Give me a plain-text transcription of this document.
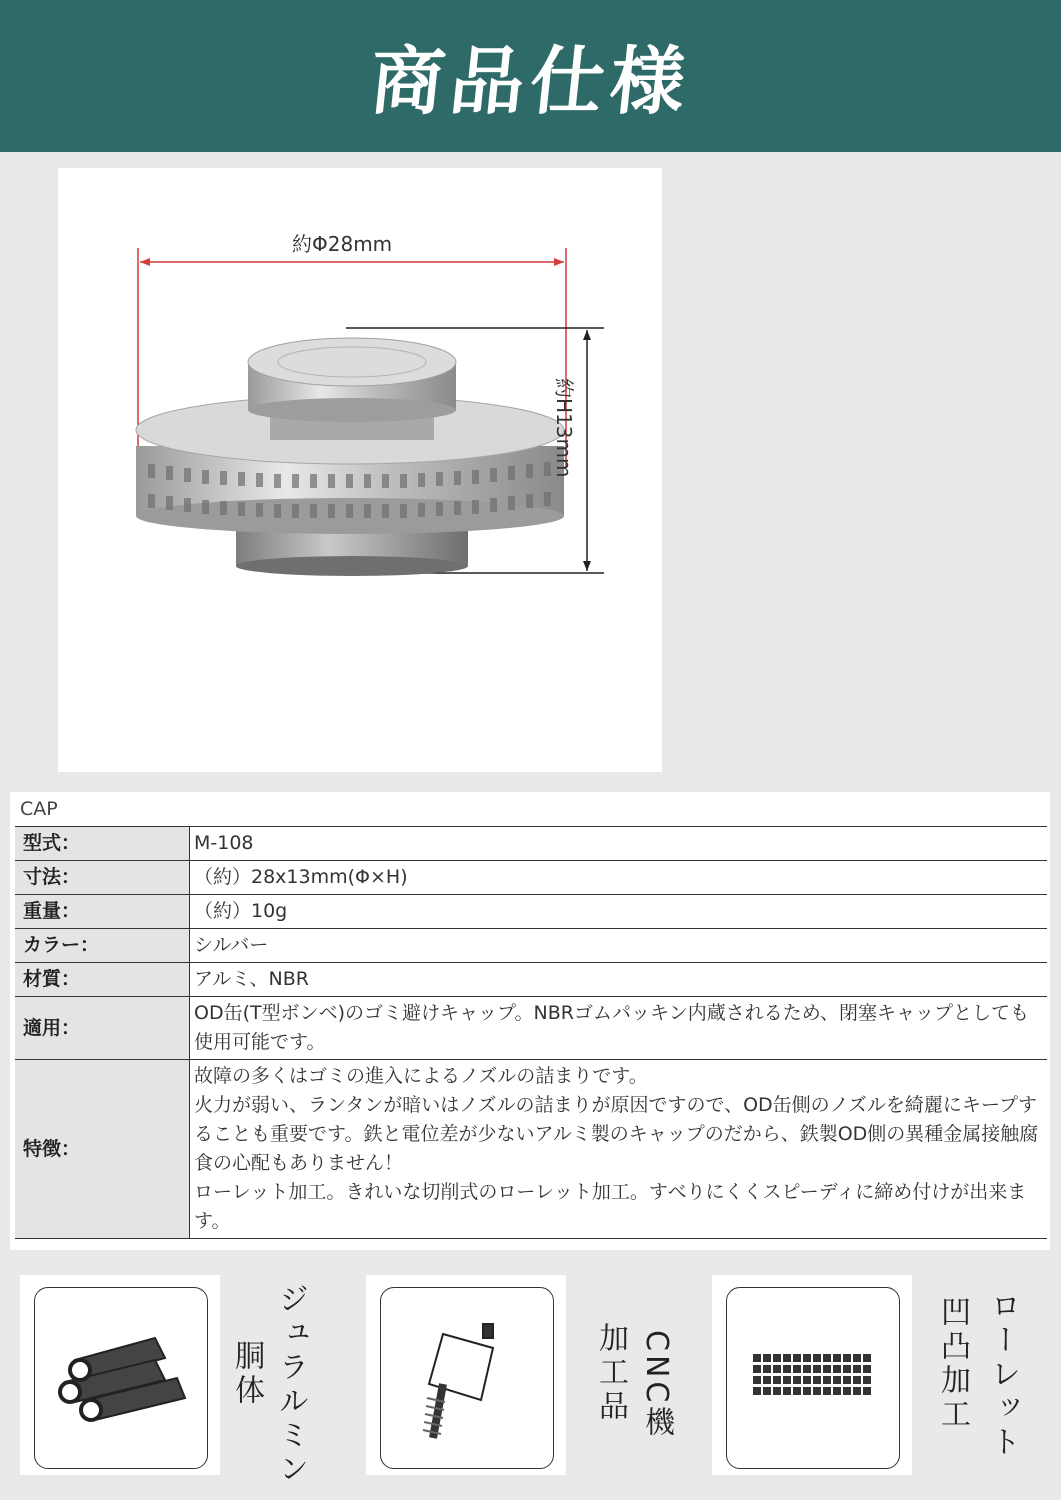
商品仕様
約Φ28mm
約H13mm
CAP
型式：	M-108
寸法：	（約）28x13mm(Φ×H)
重量：	（約）10g
カラー：	シルバー
材質：	アルミ、NBR
適用：	OD缶(T型ボンベ)のゴミ避けキャップ。NBRゴムパッキン内蔵されるため、閉塞キャップとしても使用可能です。
特徴：	故障の多くはゴミの進入によるノズルの詰まりです。
火力が弱い、ランタンが暗いはノズルの詰まりが原因ですので、OD缶側のノズルを綺麗にキープすることも重要です。鉄と電位差が少ないアルミ製のキャップのだから、鉄製OD側の異種金属接触腐食の心配もありません！
ローレット加工。きれいな切削式のローレット加工。すべりにくくスピーディに締め付けが出来ます。
ジュラルミン
胴体	CNC機
加工品	ローレット
凹凸加工
